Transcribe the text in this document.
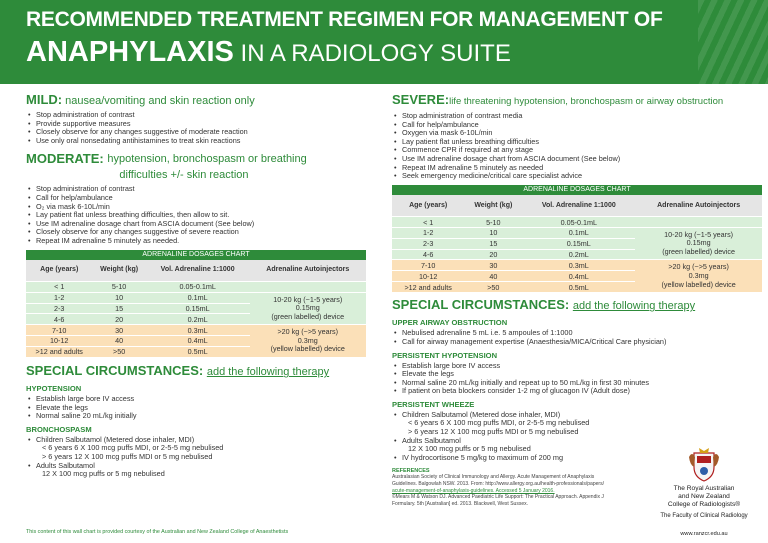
RECOMMENDED TREATMENT REGIMEN FOR MANAGEMENT OF
ANAPHYLAXIS IN A RADIOLOGY SUITE
MILD: nausea/vomiting and skin reaction only
• Stop administration of contrast
• Provide supportive measures
• Closely observe for any changes suggestive of moderate reaction
• Use only oral nonsedating antihistamines to treat skin reactions
MODERATE: hypotension, bronchospasm or breathing
difficulties +/- skin reaction
• Stop administration of contrast
• Call for help/ambulance
• O₂ via mask 6-10L/min
• Lay patient flat unless breathing difficulties, then allow to sit.
• Use IM adrenaline dosage chart from ASCIA document (See below)
• Closely observe for any changes suggestive of severe reaction
• Repeat IM adrenaline 5 minutely as needed.
ADRENALINE DOSAGES CHART			
Age (years)	Weight (kg)	Vol. Adrenaline 1:1000	Adrenaline Autoinjectors
< 1	5-10	0.05-0.1mL	
1-2	10	0.1mL	10-20 kg (~1-5 years)
0.15mg
(green labelled) device
2-3	15	0.15mL	
4-6	20	0.2mL	
7-10	30	0.3mL	>20 kg (~>5 years)
0.3mg
(yellow labelled) device
10-12	40	0.4mL	
>12 and adults	>50	0.5mL	
SPECIAL CIRCUMSTANCES: add the following therapy
HYPOTENSION
• Establish large bore IV access
• Elevate the legs
• Normal saline 20 mL/kg initially
BRONCHOSPASM
• Children Salbutamol (Metered dose inhaler, MDI)
< 6 years 6 X 100 mcg puffs MDI, or 2-5-5 mg nebulised
> 6 years 12 X 100 mcg puffs MDI or 5 mg nebulised
• Adults Salbutamol
12 X 100 mcg puffs or 5 mg nebulised
SEVERE:life threatening hypotension, bronchospasm or airway obstruction
• Stop administration of contrast media
• Call for help/ambulance
• Oxygen via mask 6-10L/min
• Lay patient flat unless breathing difficulties
• Commence CPR if required at any stage
• Use IM adrenaline dosage chart from ASCIA document (See below)
• Repeat IM adrenaline 5 minutely as needed
• Seek emergency medicine/critical care specialist advice
ADRENALINE DOSAGES CHART			
Age (years)	Weight (kg)	Vol. Adrenaline 1:1000	Adrenaline Autoinjectors
< 1	5-10	0.05-0.1mL	
1-2	10	0.1mL	10-20 kg (~1-5 years)
0.15mg
(green labelled) device
2-3	15	0.15mL	
4-6	20	0.2mL	
7-10	30	0.3mL	>20 kg (~>5 years)
0.3mg
(yellow labelled) device
10-12	40	0.4mL	
>12 and adults	>50	0.5mL	
SPECIAL CIRCUMSTANCES: add the following therapy
UPPER AIRWAY OBSTRUCTION
• Nebulised adrenaline 5 mL i.e. 5 ampoules of 1:1000
• Call for airway management expertise (Anaesthesia/MICA/Critical Care physician)
PERSISTENT HYPOTENSION
• Establish large bore IV access
• Elevate the legs
• Normal saline 20 mL/kg initially and repeat up to 50 mL/kg in first 30 minutes
• If patient on beta blockers consider 1-2 mg of glucagon IV (Adult dose)
PERSISTENT WHEEZE
• Children Salbutamol (Metered dose inhaler, MDI)
< 6 years 6 X 100 mcg puffs MDI, or 2-5-5 mg nebulised
> 6 years 12 X 100 mcg puffs MDI or 5 mg nebulised
• Adults Salbutamol
12 X 100 mcg puffs or 5 mg nebulised
• IV hydrocortisone 5 mg/kg to maximum of 200 mg
REFERENCES

Australasian Society of Clinical Immunology and Allergy. Acute Management of Anaphylaxis

Guidelines. Balgowlah NSW. 2013. From: http://www.allergy.org.au/health-professionals/papers/

acute-management-of-anaphylaxis-guidelines. Accessed 5 January 2016.

©Mears M & Watson DJ. Advanced Paediatric Life Support: The Practical Approach. Appendix J

Formulary. 5th [Australian] ed. 2013. Blackwell, West Sussex.

This content of this wall chart is provided courtesy of the Australian and New Zealand College of Anaesthetists
The Royal Australian
and New Zealand
College of Radiologists®
The Faculty of Clinical Radiology
www.ranzcr.edu.au
